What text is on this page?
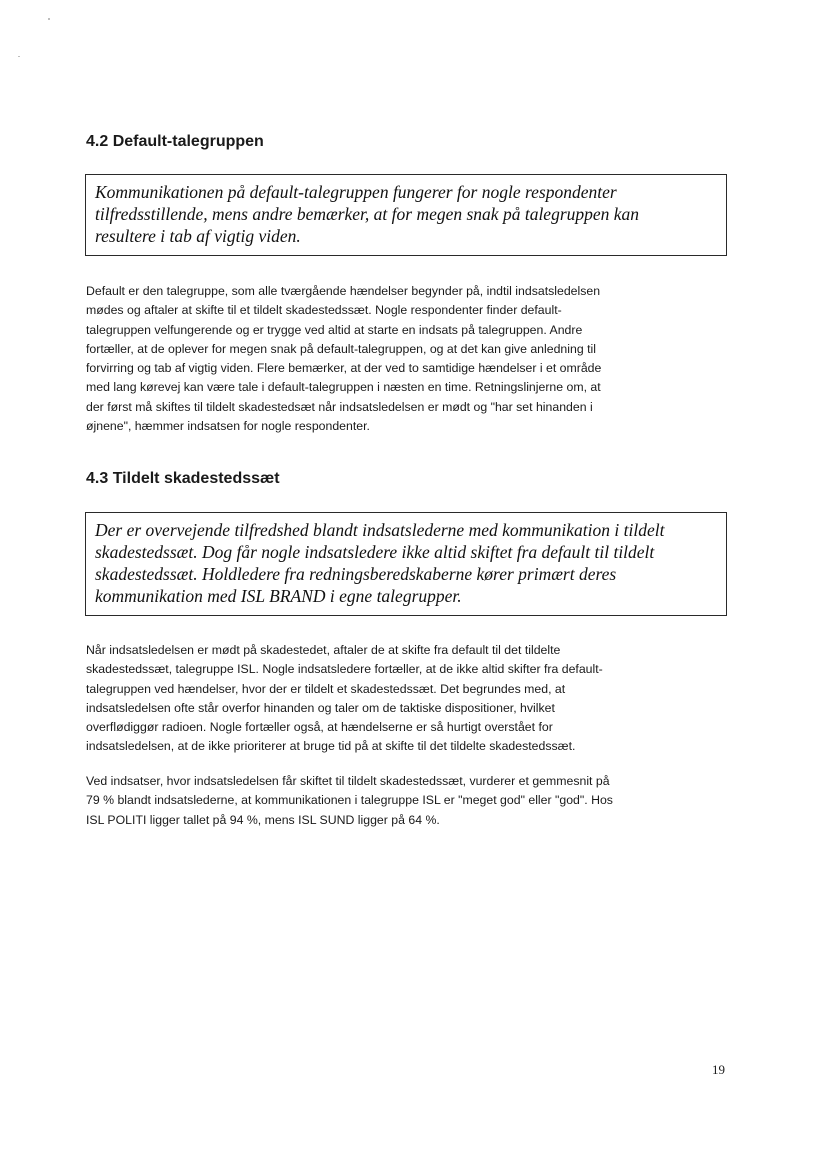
4.2 Default-talegruppen
Kommunikationen på default-talegruppen fungerer for nogle respondenter
tilfredsstillende, mens andre bemærker, at for megen snak på talegruppen kan
resultere i tab af vigtig viden.

Default er den talegruppe, som alle tværgående hændelser begynder på, indtil indsatsledelsen
mødes og aftaler at skifte til et tildelt skadestedssæt. Nogle respondenter finder default-
talegruppen velfungerende og er trygge ved altid at starte en indsats på talegruppen. Andre
fortæller, at de oplever for megen snak på default-talegruppen, og at det kan give anledning til
forvirring og tab af vigtig viden. Flere bemærker, at der ved to samtidige hændelser i et område
med lang kørevej kan være tale i default-talegruppen i næsten en time. Retningslinjerne om, at
der først må skiftes til tildelt skadestedsæt når indsatsledelsen er mødt og "har set hinanden i
øjnene", hæmmer indsatsen for nogle respondenter.

4.3 Tildelt skadestedssæt
Der er overvejende tilfredshed blandt indsatslederne med kommunikation i tildelt
skadestedssæt. Dog får nogle indsatsledere ikke altid skiftet fra default til tildelt
skadestedssæt. Holdledere fra redningsberedskaberne kører primært deres
kommunikation med ISL BRAND i egne talegrupper.

Når indsatsledelsen er mødt på skadestedet, aftaler de at skifte fra default til det tildelte
skadestedssæt, talegruppe ISL. Nogle indsatsledere fortæller, at de ikke altid skifter fra default-
talegruppen ved hændelser, hvor der er tildelt et skadestedssæt. Det begrundes med, at
indsatsledelsen ofte står overfor hinanden og taler om de taktiske dispositioner, hvilket
overflødiggør radioen. Nogle fortæller også, at hændelserne er så hurtigt overstået for
indsatsledelsen, at de ikke prioriterer at bruge tid på at skifte til det tildelte skadestedssæt.

Ved indsatser, hvor indsatsledelsen får skiftet til tildelt skadestedssæt, vurderer et gemmesnit på
79 % blandt indsatslederne, at kommunikationen i talegruppe ISL er "meget god" eller "god". Hos
ISL POLITI ligger tallet på 94 %, mens ISL SUND ligger på 64 %.

19
